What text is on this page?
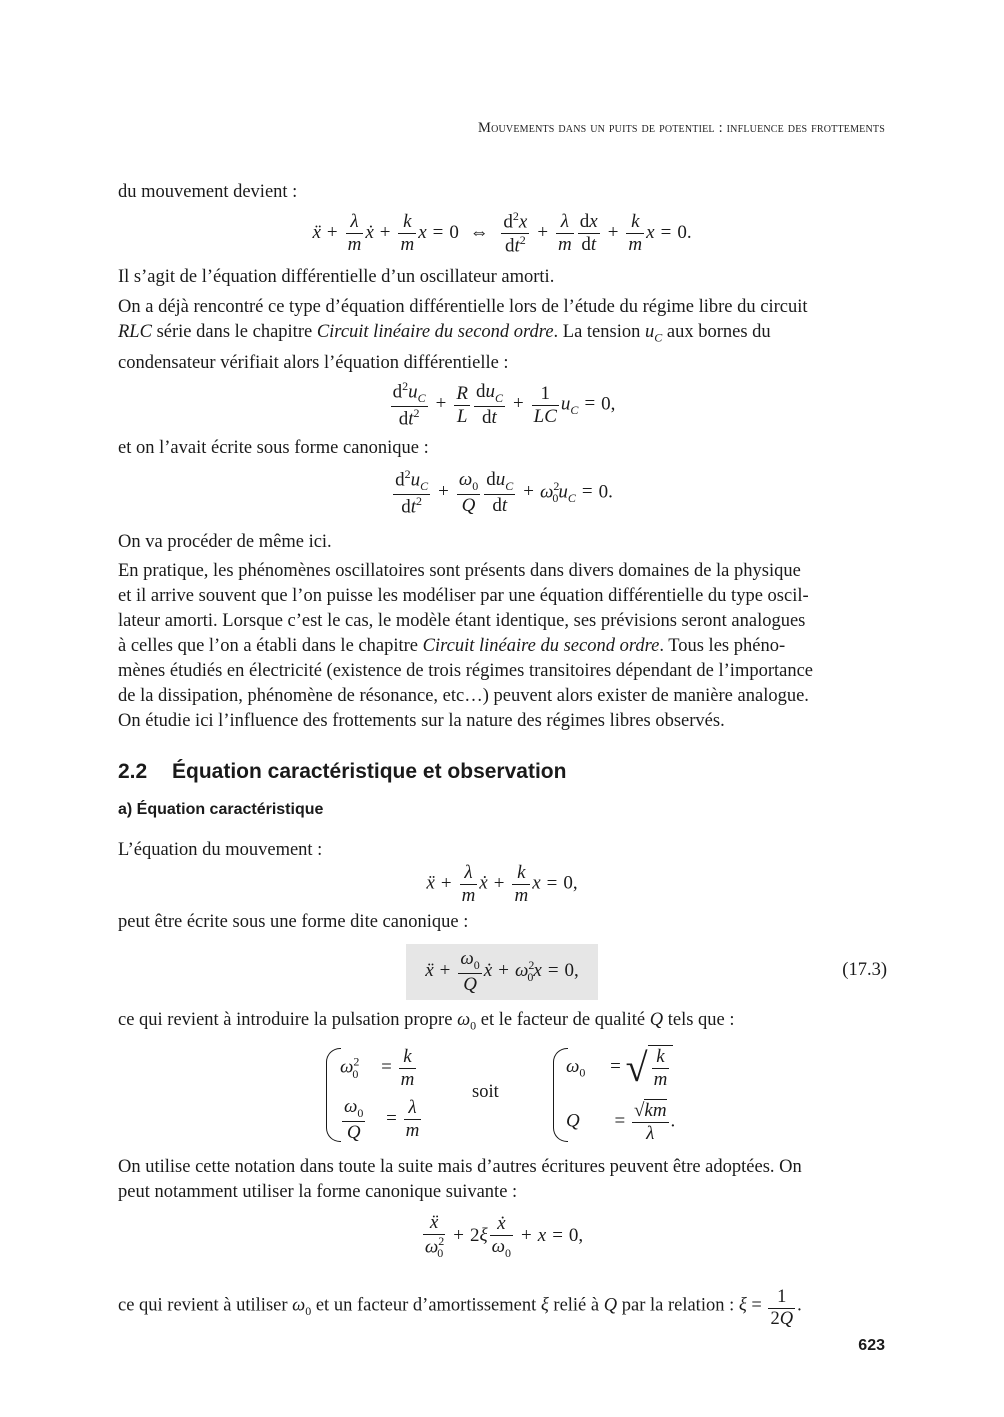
Mouvements dans un puits de potentiel : influence des frottements
du mouvement devient :
ẍ + $\frac{\lambda}{m}$ ẋ + $\frac{k}{m}$ x = 0 ⇔ $\frac{d^2x}{dt^2} + \frac{\lambda}{m} \frac{dx}{dt} + \frac{k}{m}$ x = 0.
Il s’agit de l’équation différentielle d’un oscillateur amorti.
On a déjà rencontré ce type d’équation différentielle lors de l’étude du régime libre du circuit
RLC série dans le chapitre Circuit linéaire du second ordre. La tension $u_C$ aux bornes du
condensateur vérifiait alors l’équation différentielle :
$\frac{d^2u_C}{dt^2} + \frac{R}{L} \frac{du_C}{dt} + \frac{1}{LC} u_C = 0$,
et on l’avait écrite sous forme canonique :
$\frac{d^2u_C}{dt^2} + \frac{\omega_0}{Q} \frac{du_C}{dt} + \omega^2_0u_C = 0$.
On va procéder de même ici.
En pratique, les phénomènes oscillatoires sont présents dans divers domaines de la physique
et il arrive souvent que l’on puisse les modéliser par une équation différentielle du type oscil-
lateur amorti. Lorsque c’est le cas, le modèle étant identique, ses prévisions seront analogues
à celles que l’on a établi dans le chapitre Circuit linéaire du second ordre. Tous les phéno-
mènes étudiés en électricité (existence de trois régimes transitoires dépendant de l’importance
de la dissipation, phénomène de résonance, etc…) peuvent alors exister de manière analogue.
On étudie ici l’influence des frottements sur la nature des régimes libres observés.
2.2 Équation caractéristique et observation
a) Équation caractéristique
L’équation du mouvement :
ẍ + $\frac{\lambda}{m}$ ẋ + $\frac{k}{m}$ x = 0,
peut être écrite sous une forme dite canonique :
ẍ + $\frac{\omega_0}{Q}$ ẋ + $\omega^2_0x = 0$,	(17.3)
ce qui revient à introduire la pulsation propre $\omega_0$ et le facteur de qualité Q tels que :
$\omega^2_0 = \frac{k}{m}$
$\frac{\omega_0}{Q} = \frac{\lambda}{m}$
soit
$\omega_0$ = √ $\frac{k}{m}$
$Q = \frac{√km}{\lambda}$ .
On utilise cette notation dans toute la suite mais d’autres écritures peuvent être adoptées. On
peut notamment utiliser la forme canonique suivante :
$\frac{\text{ẍ}}{\omega^2_0} + 2\xi \frac{\text{ẋ}}{\omega_0} + x = 0$,
ce qui revient à utiliser $\omega_0$ et un facteur d’amortissement ξ relié à Q par la relation : $\xi = \frac{1}{2Q}$ .
623
